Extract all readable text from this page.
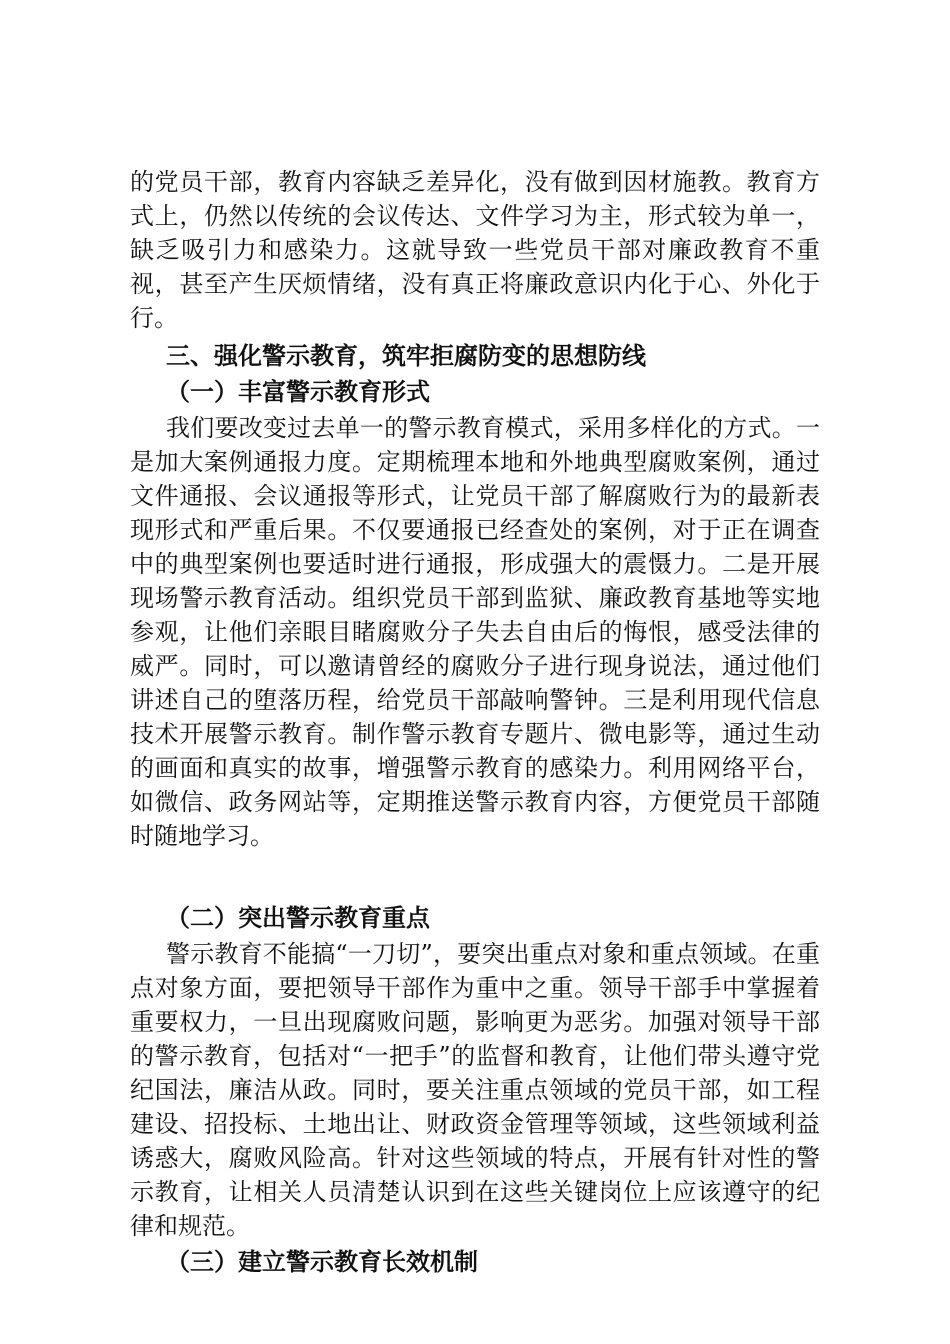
的党员干部，教育内容缺乏差异化，没有做到因材施教。教育方式上，仍然以传统的会议传达、文件学习为主，形式较为单一，缺乏吸引力和感染力。这就导致一些党员干部对廉政教育不重视，甚至产生厌烦情绪，没有真正将廉政意识内化于心、外化于行。

三、强化警示教育，筑牢拒腐防变的思想防线
（一）丰富警示教育形式

我们要改变过去单一的警示教育模式，采用多样化的方式。一是加大案例通报力度。定期梳理本地和外地典型腐败案例，通过文件通报、会议通报等形式，让党员干部了解腐败行为的最新表现形式和严重后果。不仅要通报已经查处的案例，对于正在调查中的典型案例也要适时进行通报，形成强大的震慑力。二是开展现场警示教育活动。组织党员干部到监狱、廉政教育基地等实地参观，让他们亲眼目睹腐败分子失去自由后的悔恨，感受法律的威严。同时，可以邀请曾经的腐败分子进行现身说法，通过他们讲述自己的堕落历程，给党员干部敲响警钟。三是利用现代信息技术开展警示教育。制作警示教育专题片、微电影等，通过生动的画面和真实的故事，增强警示教育的感染力。利用网络平台，如微信、政务网站等，定期推送警示教育内容，方便党员干部随时随地学习。

（二）突出警示教育重点

警示教育不能搞“一刀切”，要突出重点对象和重点领域。在重点对象方面，要把领导干部作为重中之重。领导干部手中掌握着重要权力，一旦出现腐败问题，影响更为恶劣。加强对领导干部的警示教育，包括对“一把手”的监督和教育，让他们带头遵守党纪国法，廉洁从政。同时，要关注重点领域的党员干部，如工程建设、招投标、土地出让、财政资金管理等领域，这些领域利益诱惑大，腐败风险高。针对这些领域的特点，开展有针对性的警示教育，让相关人员清楚认识到在这些关键岗位上应该遵守的纪律和规范。

（三）建立警示教育长效机制
